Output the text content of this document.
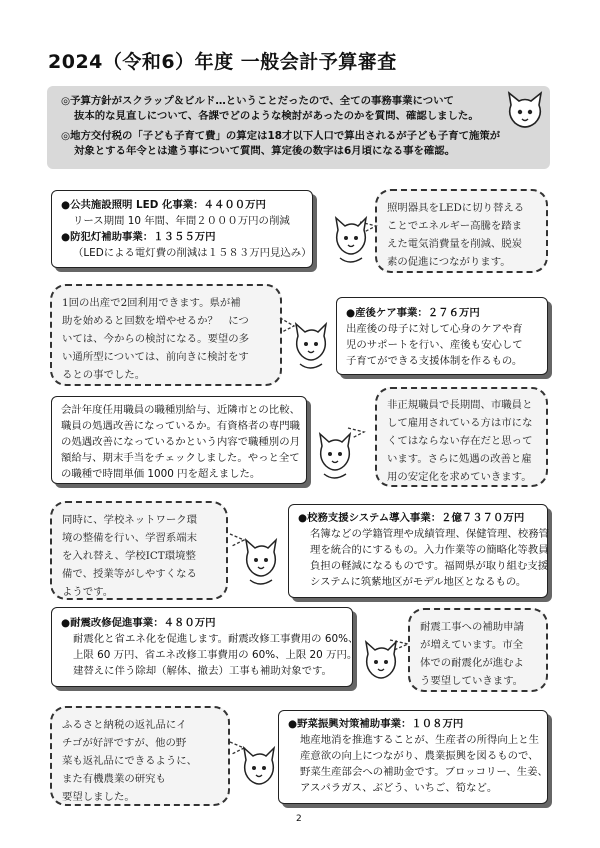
2024（令和6）年度 一般会計予算審査

◎予算方針がスクラップ＆ビルド…ということだったので、全ての事務事業について

抜本的な見直しについて、各課でどのような検討があったのかを質問、確認しました。

◎地方交付税の「子ども子育て費」の算定は18才以下人口で算出されるが子ども子育て施策が

対象とする年令とは違う事について質問、算定後の数字は6月頃になる事を確認。

●公共施設照明 LED 化事業：４４００万円
リース期間 10 年間、年間２０００万円の削減
●防犯灯補助事業：１３５５万円
（LEDによる電灯費の削減は１５８３万円見込み）
照明器具をLEDに切り替える
ことでエネルギー高騰を踏ま
えた電気消費量を削減、脱炭
素の促進につながります。
1回の出産で2回利用できます。県が補
助を始めると回数を増やせるか？　につ
いては、今からの検討になる。要望の多
い通所型については、前向きに検討をす
るとの事でした。
●産後ケア事業：２７６万円
出産後の母子に対して心身のケアや育
児のサポートを行い、産後も安心して
子育てができる支援体制を作るもの。
会計年度任用職員の職種別給与、近隣市との比較、
職員の処遇改善になっているか。有資格者の専門職
の処遇改善になっているかという内容で職種別の月
額給与、期末手当をチェックしました。やっと全て
の職種で時間単価 1000 円を超えました。
非正規職員で長期間、市職員と
して雇用されている方は市にな
くてはならない存在だと思って
います。さらに処遇の改善と雇
用の安定化を求めていきます。
同時に、学校ネットワーク環
境の整備を行い、学習系端末
を入れ替え、学校ICT環境整
備で、授業等がしやすくなる
ようです。
●校務支援システム導入事業：２億７３７０万円
名簿などの学籍管理や成績管理、保健管理、校務管
理を統合的にするもの。入力作業等の簡略化等教員
負担の軽減になるものです。福岡県が取り組む支援
システムに筑紫地区がモデル地区となるもの。
●耐震改修促進事業：４８０万円
耐震化と省エネ化を促進します。耐震改修工事費用の 60%、
上限 60 万円、省エネ改修工事費用の 60%、上限 20 万円。
建替えに伴う除却（解体、撤去）工事も補助対象です。
耐震工事への補助申請
が増えています。市全
体での耐震化が進むよ
う要望していきます。
ふるさと納税の返礼品にイ
チゴが好評ですが、他の野
菜も返礼品にできるように、
また有機農業の研究も
要望しました。
●野菜振興対策補助事業：１０８万円
地産地消を推進することが、生産者の所得向上と生
産意欲の向上につながり、農業振興を図るもので、
野菜生産部会への補助金です。ブロッコリー、生姜、
アスパラガス、ぶどう、いちご、筍など。
2
